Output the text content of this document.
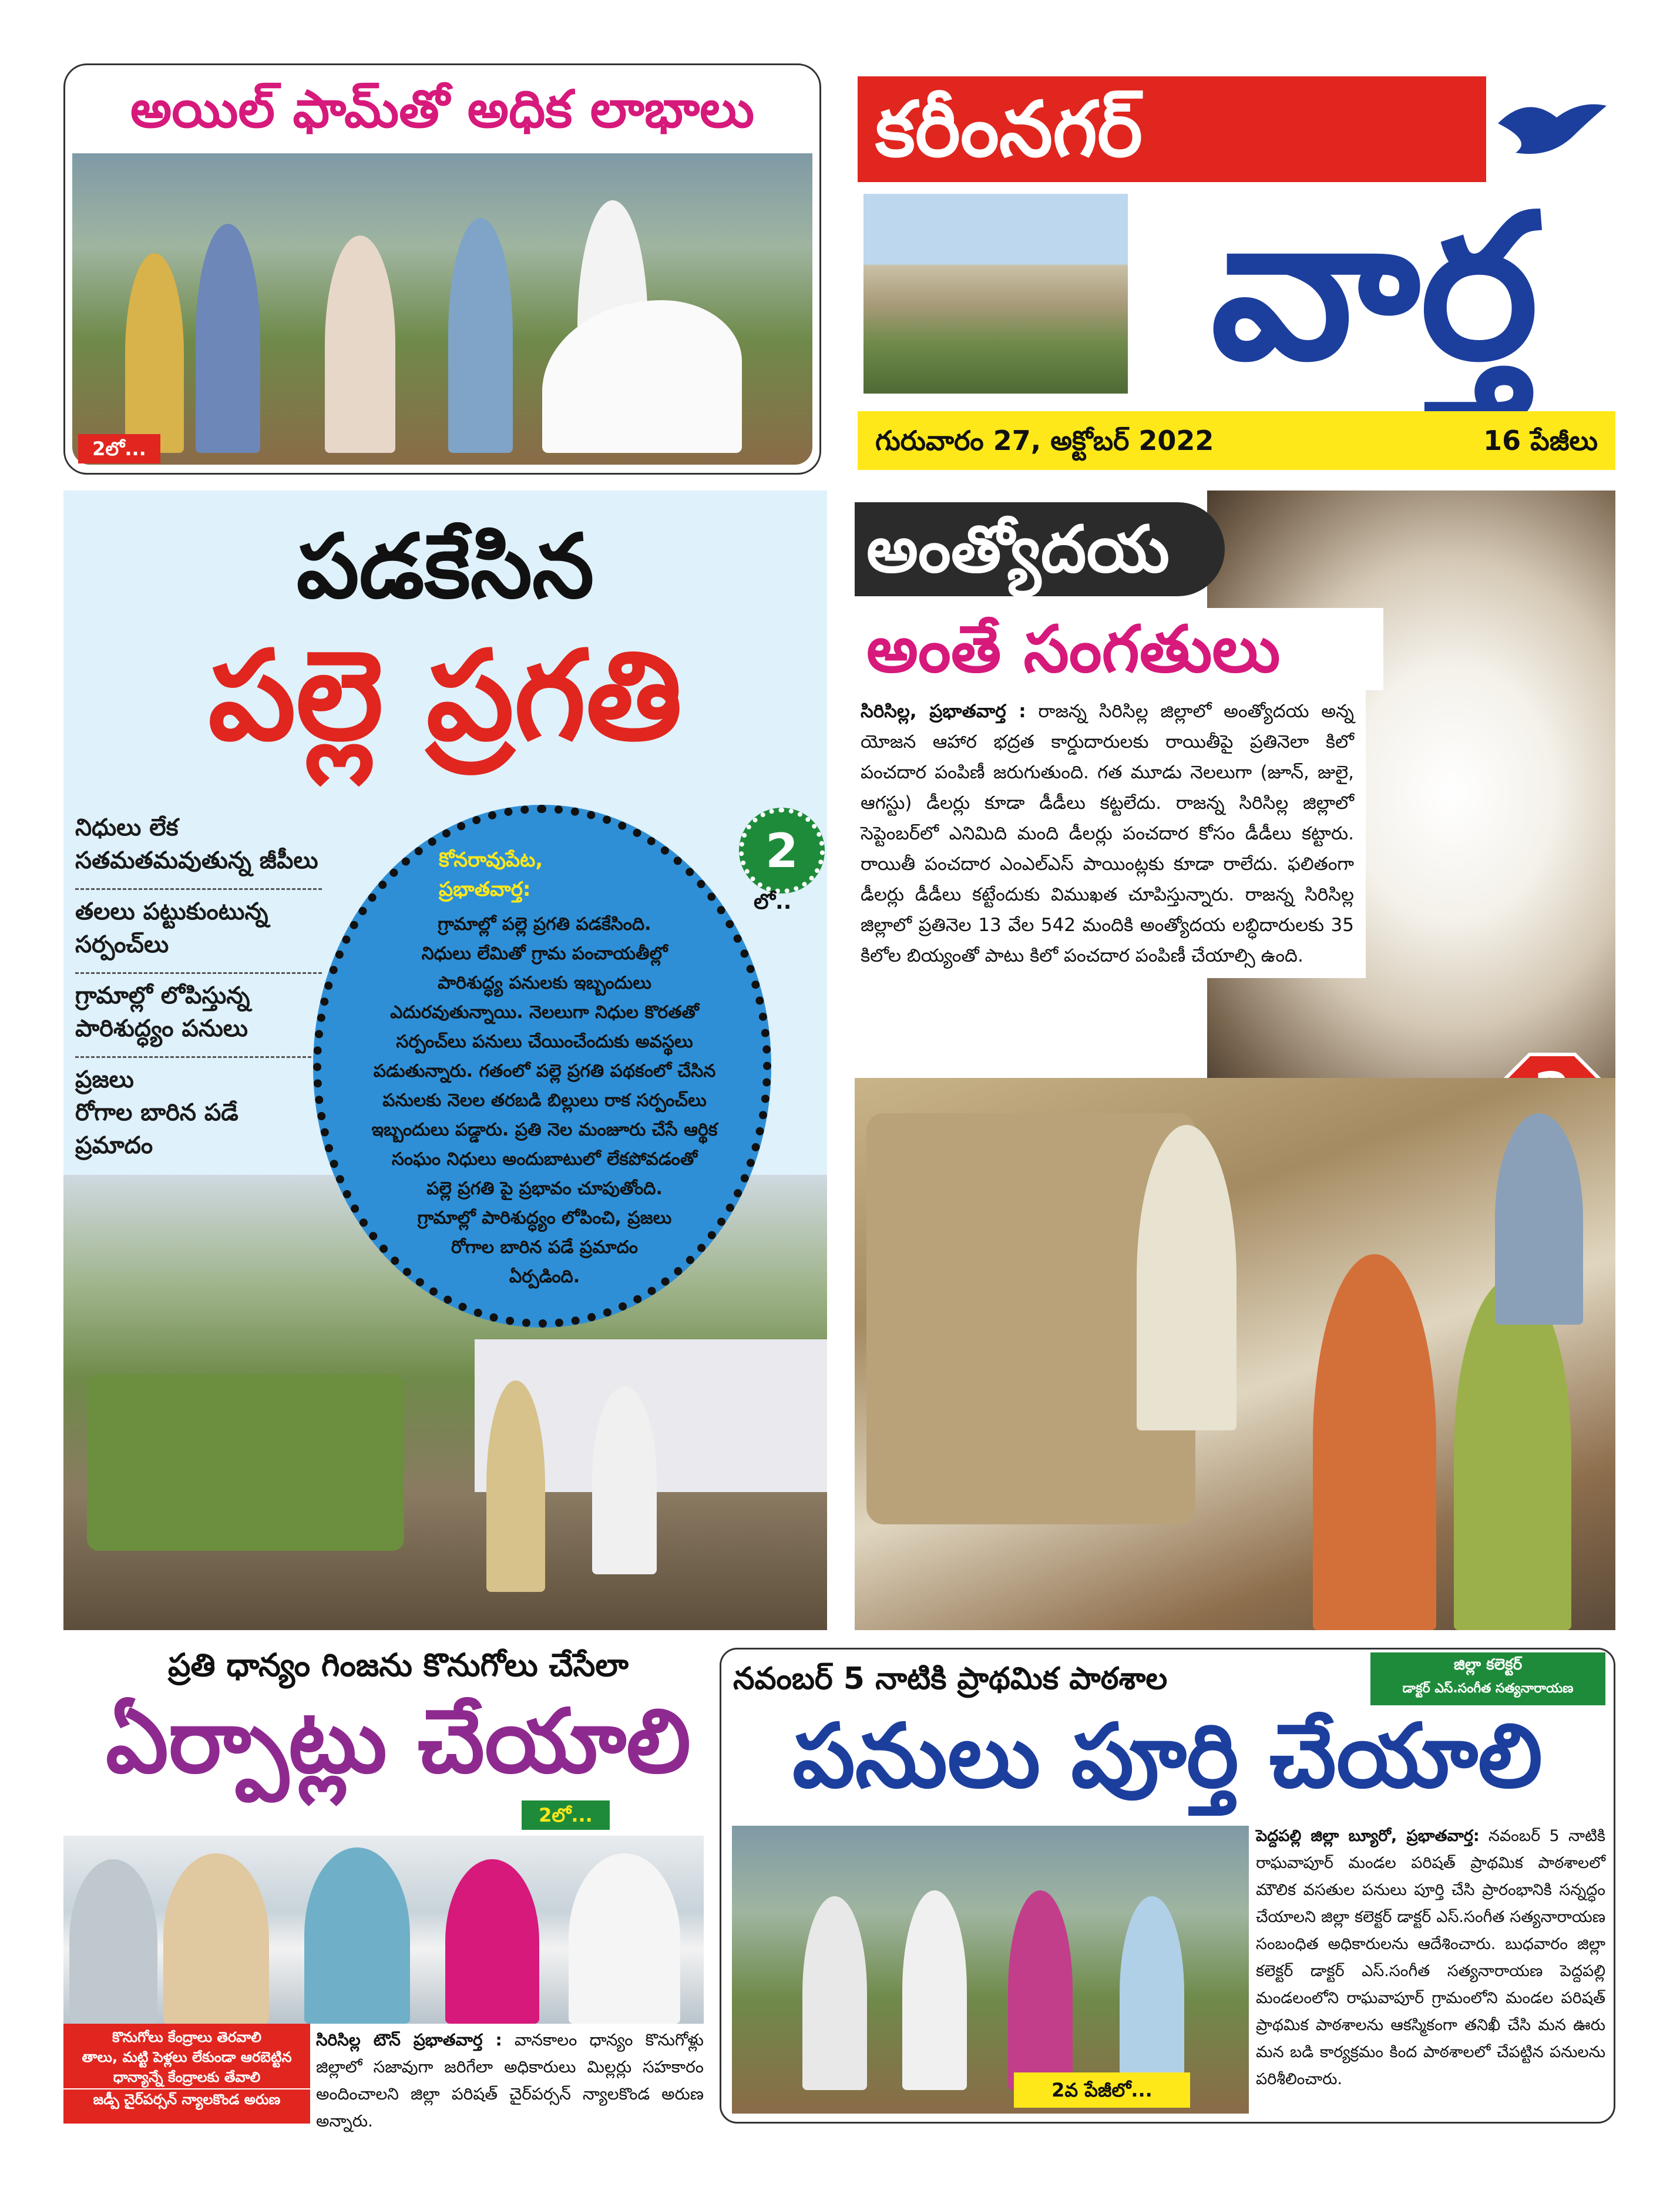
అయిల్ ఫామ్‌తో అధిక లాభాలు
2లో...
కరీంనగర్
వార్త
గురువారం 27, అక్టోబర్ 2022	16 పేజీలు
పడకేసిన
పల్లె ప్రగతి
నిధులు లేక
సతమతమవుతున్న జీపీలు
తలలు పట్టుకుంటున్న
సర్పంచ్‌లు
గ్రామాల్లో లోపిస్తున్న
పారిశుద్ధ్యం పనులు
ప్రజలు
రోగాల బారిన పడే
ప్రమాదం
కోనరావుపేట,
ప్రభాతవార్త:
గ్రామాల్లో పల్లె ప్రగతి పడకేసింది.
నిధులు లేమితో గ్రామ పంచాయతీల్లో
పారిశుద్ధ్య పనులకు ఇబ్బందులు
ఎదురవుతున్నాయి. నెలలుగా నిధుల కొరతతో
సర్పంచ్‌లు పనులు చేయించేందుకు అవస్థలు
పడుతున్నారు. గతంలో పల్లె ప్రగతి పథకంలో చేసిన
పనులకు నెలల తరబడి బిల్లులు రాక సర్పంచ్‌లు
ఇబ్బందులు పడ్డారు. ప్రతి నెల మంజూరు చేసే ఆర్థిక
సంఘం నిధులు అందుబాటులో లేకపోవడంతో
పల్లె ప్రగతి పై ప్రభావం చూపుతోంది.
గ్రామాల్లో పారిశుద్ధ్యం లోపించి, ప్రజలు
రోగాల బారిన పడే ప్రమాదం
ఏర్పడింది.
2
లో..
అంత్యోదయ
అంతే సంగతులు
సిరిసిల్ల, ప్రభాతవార్త : రాజన్న సిరిసిల్ల జిల్లాలో అంత్యోదయ అన్న యోజన ఆహార భద్రత కార్డుదారులకు రాయితీపై ప్రతినెలా కిలో పంచదార పంపిణీ జరుగుతుంది. గత మూడు నెలలుగా (జూన్, జులై, ఆగస్టు) డీలర్లు కూడా డీడీలు కట్టలేదు. రాజన్న సిరిసిల్ల జిల్లాలో సెప్టెంబర్‌లో ఎనిమిది మంది డీలర్లు పంచదార కోసం డీడీలు కట్టారు. రాయితీ పంచదార ఎంఎల్ఎస్ పాయింట్లకు కూడా రాలేదు. ఫలితంగా డీలర్లు డీడీలు కట్టేందుకు విముఖత చూపిస్తున్నారు. రాజన్న సిరిసిల్ల జిల్లాలో ప్రతినెల 13 వేల 542 మందికి అంత్యోదయ లబ్ధిదారులకు 35 కిలోల బియ్యంతో పాటు కిలో పంచదార పంపిణీ చేయాల్సి ఉంది.
ప్రతి ధాన్యం గింజను కొనుగోలు చేసేలా
ఏర్పాట్లు చేయాలి
2లో...
కొనుగోలు కేంద్రాలు తెరవాలి
తాలు, మట్టి పెళ్లలు లేకుండా ఆరబెట్టిన
ధాన్యాన్నే కేంద్రాలకు తేవాలి
జడ్పీ చైర్‌పర్సన్ న్యాలకొండ అరుణ
సిరిసిల్ల టౌన్ ప్రభాతవార్త : వానకాలం ధాన్యం కొనుగోళ్లు జిల్లాలో సజావుగా జరిగేలా అధికారులు మిల్లర్లు సహకారం అందించాలని జిల్లా పరిషత్ చైర్‌పర్సన్ న్యాలకొండ అరుణ అన్నారు.
నవంబర్ 5 నాటికి ప్రాథమిక పాఠశాల	జిల్లా కలెక్టర్
డాక్టర్ ఎస్.సంగీత సత్యనారాయణ
పనులు పూర్తి చేయాలి
2వ పేజీలో...
పెద్దపల్లి జిల్లా బ్యూరో, ప్రభాతవార్త: నవంబర్ 5 నాటికి రాఘవాపూర్ మండల పరిషత్ ప్రాథమిక పాఠశాలలో మౌలిక వసతుల పనులు పూర్తి చేసి ప్రారంభానికి సన్నద్ధం చేయాలని జిల్లా కలెక్టర్ డాక్టర్ ఎస్.సంగీత సత్యనారాయణ సంబంధిత అధికారులను ఆదేశించారు. బుధవారం జిల్లా కలెక్టర్ డాక్టర్ ఎస్.సంగీత సత్యనారాయణ పెద్దపల్లి మండలంలోని రాఘవాపూర్ గ్రామంలోని మండల పరిషత్ ప్రాథమిక పాఠశాలను ఆకస్మికంగా తనిఖీ చేసి మన ఊరు మన బడి కార్యక్రమం కింద పాఠశాలలో చేపట్టిన పనులను పరిశీలించారు.
